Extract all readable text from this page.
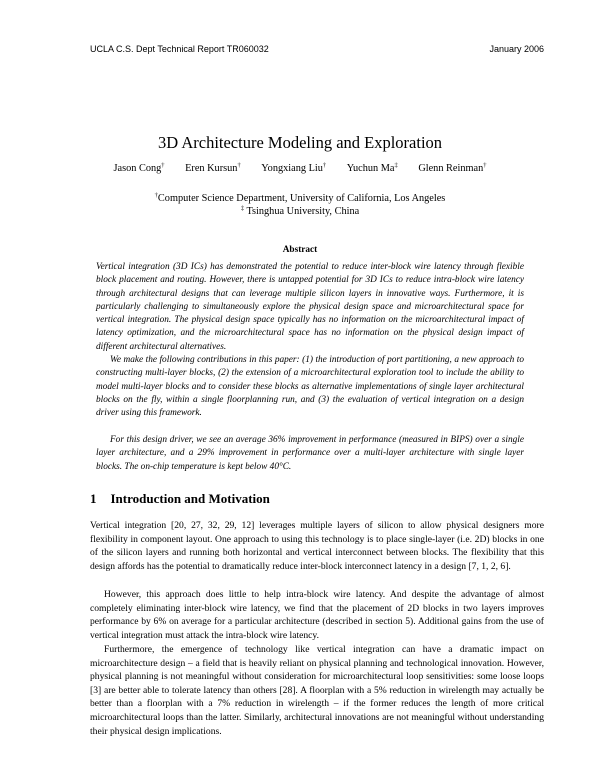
UCLA C.S. Dept Technical Report TR060032	January 2006
3D Architecture Modeling and Exploration
Jason Cong† Eren Kursun† Yongxiang Liu† Yuchun Ma‡ Glenn Reinman†
†Computer Science Department, University of California, Los Angeles
‡ Tsinghua University, China
Abstract

Vertical integration (3D ICs) has demonstrated the potential to reduce inter-block wire latency through flexible block placement and routing. However, there is untapped potential for 3D ICs to reduce intra-block wire latency through architectural designs that can leverage multiple silicon layers in innovative ways. Furthermore, it is particularly challenging to simultaneously explore the physical design space and microarchitectural space for vertical integration. The physical design space typically has no information on the microarchitectural impact of latency optimization, and the microarchitectural space has no information on the physical design impact of different architectural alternatives.

We make the following contributions in this paper: (1) the introduction of port partitioning, a new approach to constructing multi-layer blocks, (2) the extension of a microarchitectural exploration tool to include the ability to model multi-layer blocks and to consider these blocks as alternative implementations of single layer architectural blocks on the fly, within a single floorplanning run, and (3) the evaluation of vertical integration on a design driver using this framework.

For this design driver, we see an average 36% improvement in performance (measured in BIPS) over a single layer architecture, and a 29% improvement in performance over a multi-layer architecture with single layer blocks. The on-chip temperature is kept below 40°C.

1 Introduction and Motivation

Vertical integration [20, 27, 32, 29, 12] leverages multiple layers of silicon to allow physical designers more flexibility in component layout. One approach to using this technology is to place single-layer (i.e. 2D) blocks in one of the silicon layers and running both horizontal and vertical interconnect between blocks. The flexibility that this design affords has the potential to dramatically reduce inter-block interconnect latency in a design [7, 1, 2, 6].

However, this approach does little to help intra-block wire latency. And despite the advantage of almost completely eliminating inter-block wire latency, we find that the placement of 2D blocks in two layers improves performance by 6% on average for a particular architecture (described in section 5). Additional gains from the use of vertical integration must attack the intra-block wire latency.

Furthermore, the emergence of technology like vertical integration can have a dramatic impact on microarchitecture design – a field that is heavily reliant on physical planning and technological innovation. However, physical planning is not meaningful without consideration for microarchitectural loop sensitivities: some loose loops [3] are better able to tolerate latency than others [28]. A floorplan with a 5% reduction in wirelength may actually be better than a floorplan with a 7% reduction in wirelength – if the former reduces the length of more critical microarchitectural loops than the latter. Similarly, architectural innovations are not meaningful without understanding their physical design implications.
